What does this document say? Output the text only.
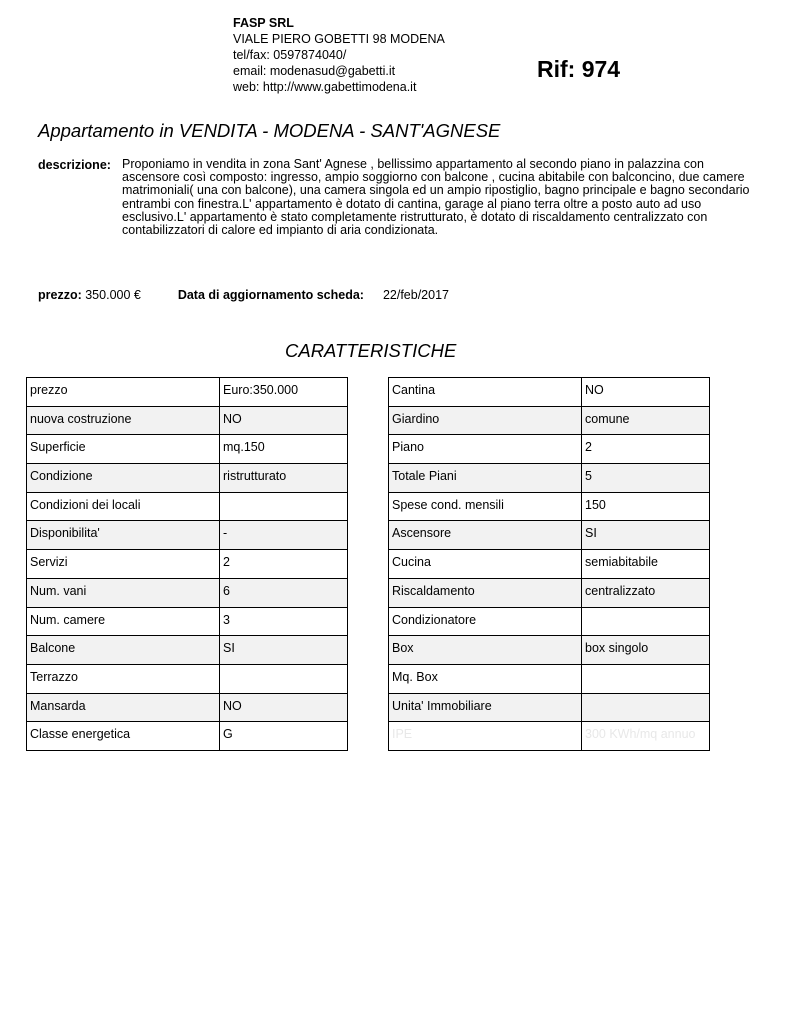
FASP SRL
VIALE PIERO GOBETTI 98 MODENA
tel/fax: 0597874040/
email: modenasud@gabetti.it
web: http://www.gabettimodena.it
Rif: 974
Appartamento in VENDITA - MODENA - SANT'AGNESE
descrizione: Proponiamo in vendita in zona Sant' Agnese , bellissimo appartamento al secondo piano in palazzina con ascensore così composto: ingresso, ampio soggiorno con balcone , cucina abitabile con balconcino, due camere matrimoniali( una con balcone), una camera singola ed un ampio ripostiglio, bagno principale e bagno secondario entrambi con finestra.L' appartamento è dotato di cantina, garage al piano terra oltre a posto auto ad uso esclusivo.L' appartamento è stato completamente ristrutturato, è dotato di riscaldamento centralizzato con contabilizzatori di calore ed impianto di aria condizionata.
prezzo: 350.000 €	Data di aggiornamento scheda: 22/feb/2017
CARATTERISTICHE
prezzo	Euro:350.000
nuova costruzione	NO
Superficie	mq.150
Condizione	ristrutturato
Condizioni dei locali	
Disponibilita'	-
Servizi	2
Num. vani	6
Num. camere	3
Balcone	SI
Terrazzo	
Mansarda	NO
Classe energetica	G
Cantina	NO
Giardino	comune
Piano	2
Totale Piani	5
Spese cond. mensili	150
Ascensore	SI
Cucina	semiabitabile
Riscaldamento	centralizzato
Condizionatore	
Box	box singolo
Mq. Box	
Unita' Immobiliare	
IPE	300 KWh/mq annuo
